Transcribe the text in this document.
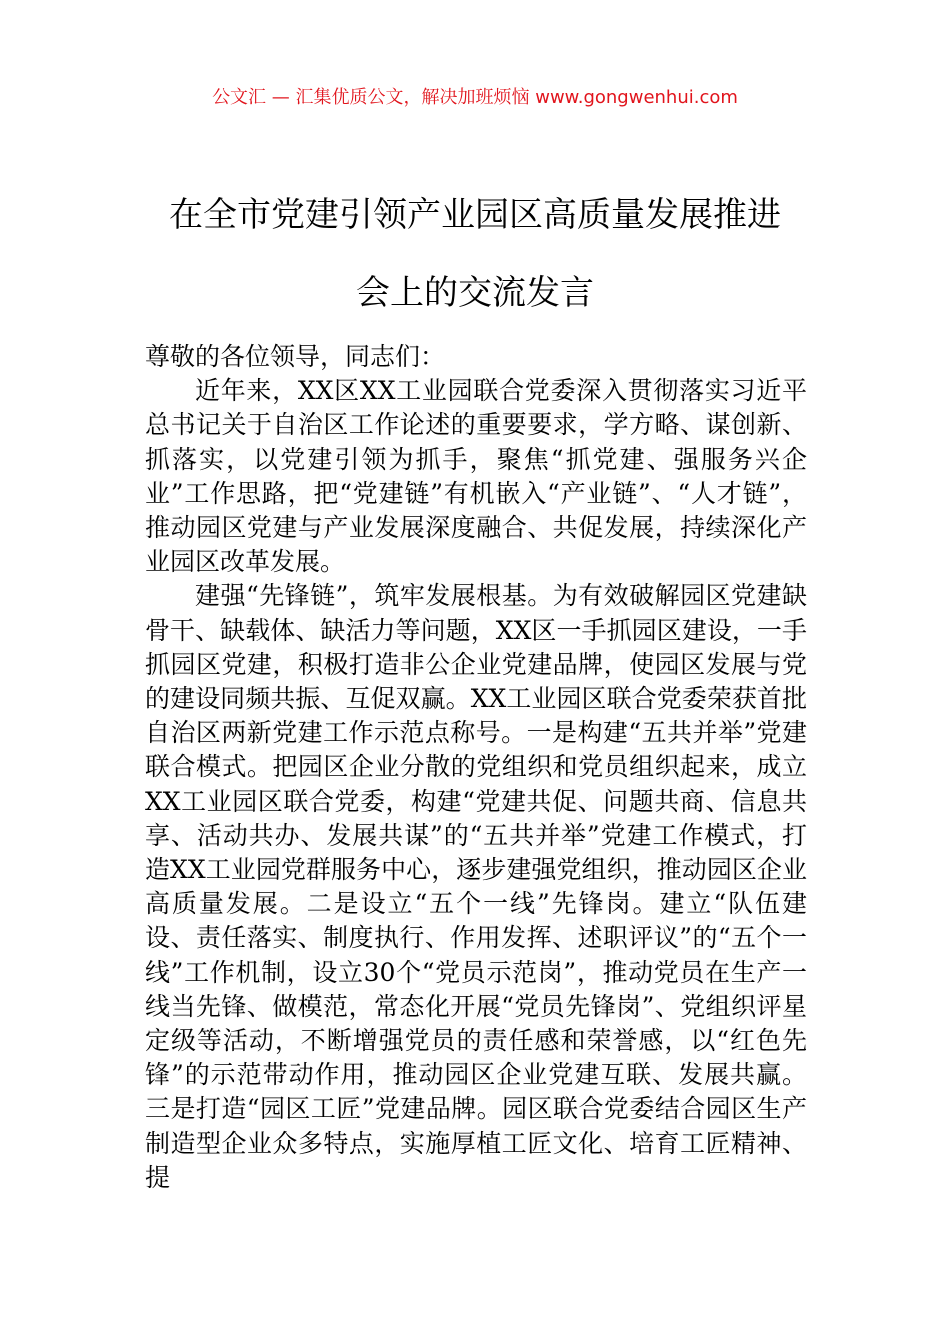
公文汇 — 汇集优质公文，解决加班烦恼 www.gongwenhui.com
在全市党建引领产业园区高质量发展推进
会上的交流发言

尊敬的各位领导，同志们：

近年来，XX区XX工业园联合党委深入贯彻落实习近平总书记关于自治区工作论述的重要要求，学方略、谋创新、抓落实，以党建引领为抓手，聚焦“抓党建、强服务兴企业”工作思路，把“党建链”有机嵌入“产业链”、“人才链”，推动园区党建与产业发展深度融合、共促发展，持续深化产业园区改革发展。

建强“先锋链”，筑牢发展根基。为有效破解园区党建缺骨干、缺载体、缺活力等问题，XX区一手抓园区建设，一手抓园区党建，积极打造非公企业党建品牌，使园区发展与党的建设同频共振、互促双赢。XX工业园区联合党委荣获首批自治区两新党建工作示范点称号。一是构建“五共并举”党建联合模式。把园区企业分散的党组织和党员组织起来，成立XX工业园区联合党委，构建“党建共促、问题共商、信息共享、活动共办、发展共谋”的“五共并举”党建工作模式，打造XX工业园党群服务中心，逐步建强党组织，推动园区企业高质量发展。二是设立“五个一线”先锋岗。建立“队伍建设、责任落实、制度执行、作用发挥、述职评议”的“五个一线”工作机制，设立30个“党员示范岗”，推动党员在生产一线当先锋、做模范，常态化开展“党员先锋岗”、党组织评星定级等活动，不断增强党员的责任感和荣誉感，以“红色先锋”的示范带动作用，推动园区企业党建互联、发展共赢。三是打造“园区工匠”党建品牌。园区联合党委结合园区生产制造型企业众多特点，实施厚植工匠文化、培育工匠精神、提
